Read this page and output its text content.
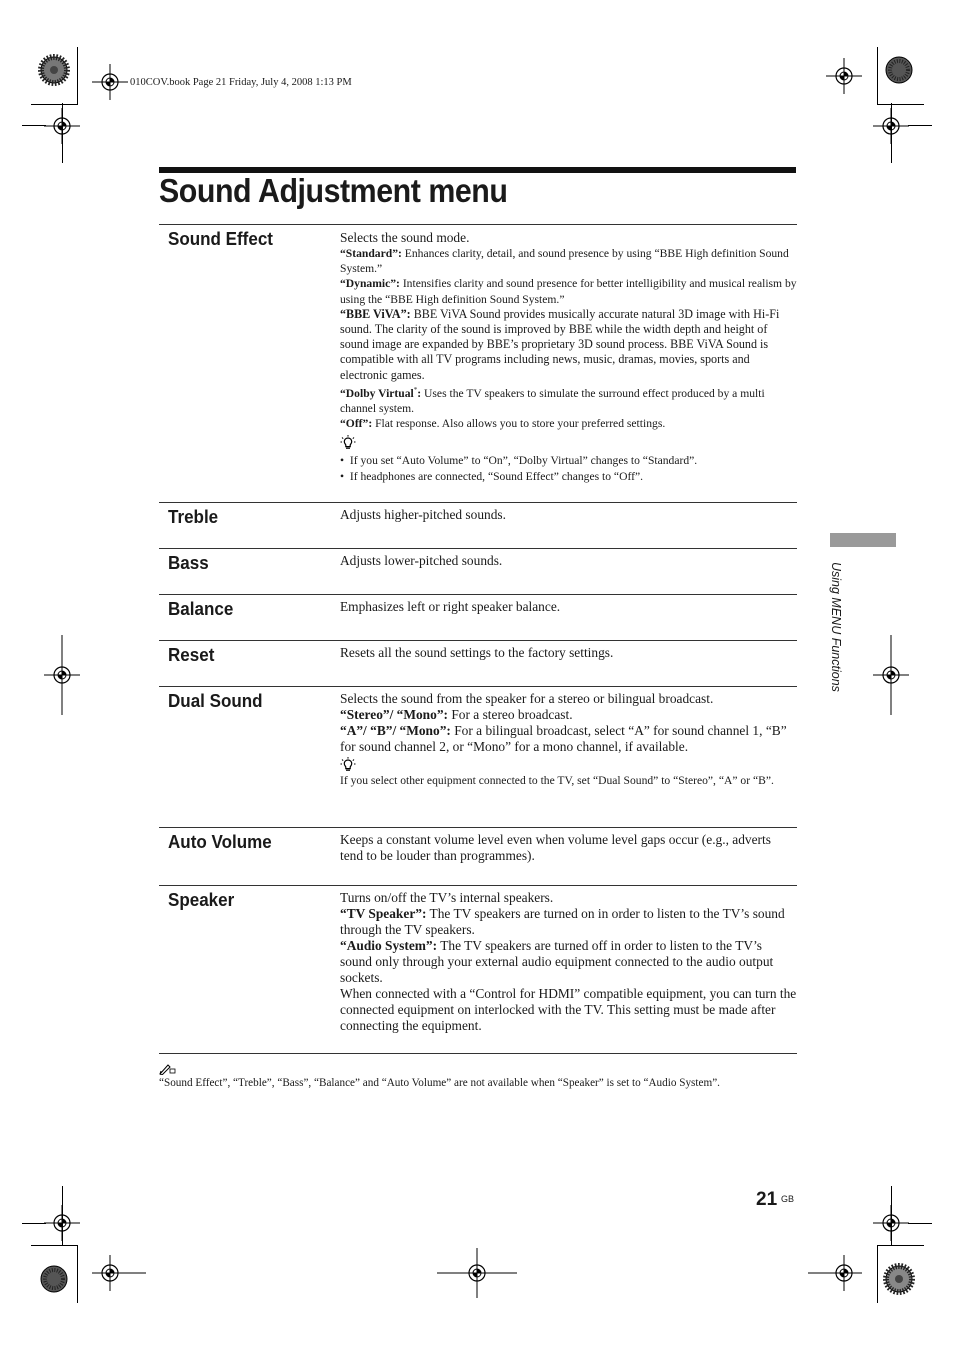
010COV.book Page 21 Friday, July 4, 2008 1:13 PM
Sound Adjustment menu
Sound Effect	Selects the sound mode.
“Standard”: Enhances clarity, detail, and sound presence by using “BBE High definition Sound System.”
“Dynamic”: Intensifies clarity and sound presence for better intelligibility and musical realism by using the “BBE High definition Sound System.”
“BBE ViVA”: BBE ViVA Sound provides musically accurate natural 3D image with Hi-Fi sound. The clarity of the sound is improved by BBE while the width depth and height of sound image are expanded by BBE’s proprietary 3D sound process. BBE ViVA Sound is compatible with all TV programs including news, music, dramas, movies, sports and electronic games.
“Dolby Virtual*: Uses the TV speakers to simulate the surround effect produced by a multi channel system.
“Off”: Flat response. Also allows you to store your preferred settings.
•  If you set “Auto Volume” to “On”, “Dolby Virtual” changes to “Standard”.
•  If headphones are connected, “Sound Effect” changes to “Off”.
Treble	Adjusts higher-pitched sounds.
Bass	Adjusts lower-pitched sounds.
Balance	Emphasizes left or right speaker balance.
Reset	Resets all the sound settings to the factory settings.
Dual Sound	Selects the sound from the speaker for a stereo or bilingual broadcast.
“Stereo”/ “Mono”: For a stereo broadcast.
“A”/ “B”/ “Mono”: For a bilingual broadcast, select “A” for sound channel 1, “B” for sound channel 2, or “Mono” for a mono channel, if available.
If you select other equipment connected to the TV, set “Dual Sound” to “Stereo”, “A” or “B”.
Auto Volume	Keeps a constant volume level even when volume level gaps occur (e.g., adverts tend to be louder than programmes).
Speaker	Turns on/off the TV’s internal speakers.
“TV Speaker”: The TV speakers are turned on in order to listen to the TV’s sound through the TV speakers.
“Audio System”: The TV speakers are turned off in order to listen to the TV’s sound only through your external audio equipment connected to the audio output sockets.
When connected with a “Control for HDMI” compatible equipment, you can turn the connected equipment on interlocked with the TV. This setting must be made after connecting the equipment.
Using MENU Functions
“Sound Effect”, “Treble”, “Bass”, “Balance” and “Auto Volume” are not available when “Speaker” is set to “Audio System”.
21 GB
